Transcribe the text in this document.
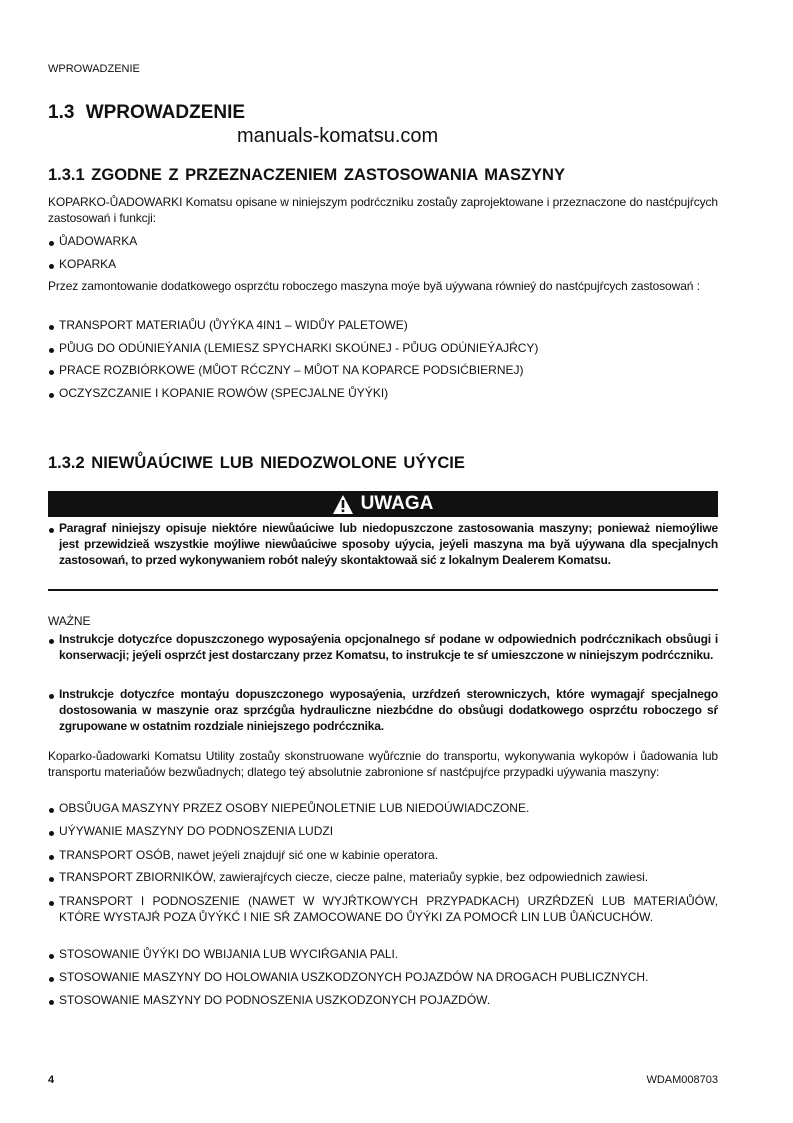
WPROWADZENIE
1.3 WPROWADZENIE
manuals-komatsu.com
1.3.1 ZGODNE Z PRZEZNACZENIEM ZASTOSOWANIA MASZYNY
KOPARKO-ŮADOWARKI Komatsu opisane w niniejszym podrćczniku zostaůy zaprojektowane i przeznaczone do nastćpujŕcych zastosowań i funkcji:
ŮADOWARKA
KOPARKA
Przez zamontowanie dodatkowego osprzćtu roboczego maszyna moýe byă uýywana równieý do nastćpujŕcych zastosowań :
TRANSPORT MATERIAŮU (ŮYÝKA 4IN1 – WIDŮY PALETOWE)
PŮUG DO ODÚNIEÝANIA (LEMIESZ SPYCHARKI SKOÚNEJ - PŮUG ODÚNIEÝAJŔCY)
PRACE ROZBIÓRKOWE (MŮOT RĆCZNY – MŮOT NA KOPARCE PODSIĆBIERNEJ)
OCZYSZCZANIE I KOPANIE ROWÓW (SPECJALNE ŮYÝKI)
1.3.2 NIEWŮAÚCIWE LUB NIEDOZWOLONE UÝYCIE
UWAGA
Paragraf niniejszy opisuje niektóre niewůaúciwe lub niedopuszczone zastosowania maszyny; ponieważ niemoýliwe jest przewidzieă wszystkie moýliwe niewůaúciwe sposoby uýycia, jeýeli maszyna ma byă uýywana dla specjalnych zastosowań, to przed wykonywaniem robót naleýy skontaktowaă sić z lokalnym Dealerem Komatsu.
WAŻNE
Instrukcje dotyczŕce dopuszczonego wyposaýenia opcjonalnego sŕ podane w odpowiednich podrćcznikach obsůugi i konserwacji; jeýeli osprzćt jest dostarczany przez Komatsu, to instrukcje te sŕ umieszczone w niniejszym podrćczniku.
Instrukcje dotyczŕce montaýu dopuszczonego wyposaýenia, urzŕdzeń sterowniczych, które wymagajŕ specjalnego dostosowania w maszynie oraz sprzćgůa hydrauliczne niezbćdne do obsůugi dodatkowego osprzćtu roboczego sŕ zgrupowane w ostatnim rozdziale niniejszego podrćcznika.
Koparko-ůadowarki Komatsu Utility zostaůy skonstruowane wyůŕcznie do transportu, wykonywania wykopów i ůadowania lub transportu materiaůów bezwůadnych; dlatego teý absolutnie zabronione sŕ nastćpujŕce przypadki uýywania maszyny:
OBSŮUGA MASZYNY PRZEZ OSOBY NIEPEŮNOLETNIE LUB NIEDOÚWIADCZONE.
UÝYWANIE MASZYNY DO PODNOSZENIA LUDZI
TRANSPORT OSÓB, nawet jeýeli znajdujŕ sić one w kabinie operatora.
TRANSPORT ZBIORNIKÓW, zawierajŕcych ciecze, ciecze palne, materiaůy sypkie, bez odpowiednich zawiesi.
TRANSPORT I PODNOSZENIE (NAWET W WYJŔTKOWYCH PRZYPADKACH) URZŔDZEŃ LUB MATERIAŮÓW, KTÓRE WYSTAJŔ POZA ŮYÝKĆ I NIE SŔ ZAMOCOWANE DO ŮYÝKI ZA POMOCŔ LIN LUB ŮAŃCUCHÓW.
STOSOWANIE ŮYÝKI DO WBIJANIA LUB WYCIŔGANIA PALI.
STOSOWANIE MASZYNY DO HOLOWANIA USZKODZONYCH POJAZDÓW NA DROGACH PUBLICZNYCH.
STOSOWANIE MASZYNY DO PODNOSZENIA USZKODZONYCH POJAZDÓW.
4	WDAM008703
